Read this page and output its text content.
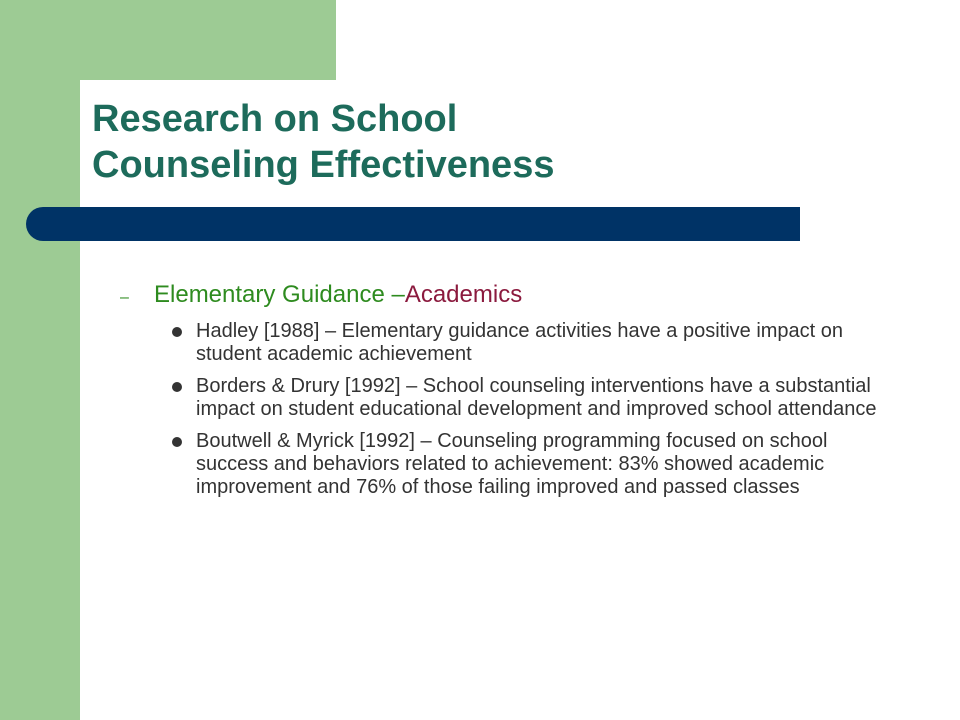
Research on School
Counseling Effectiveness
– Elementary Guidance –Academics
Hadley [1988] – Elementary guidance activities have a positive impact on student academic achievement
Borders & Drury [1992] – School counseling interventions have a substantial impact on student educational development and improved school attendance
Boutwell & Myrick [1992] – Counseling programming focused on school success and behaviors related to achievement: 83% showed academic improvement and 76% of those failing improved and passed classes
